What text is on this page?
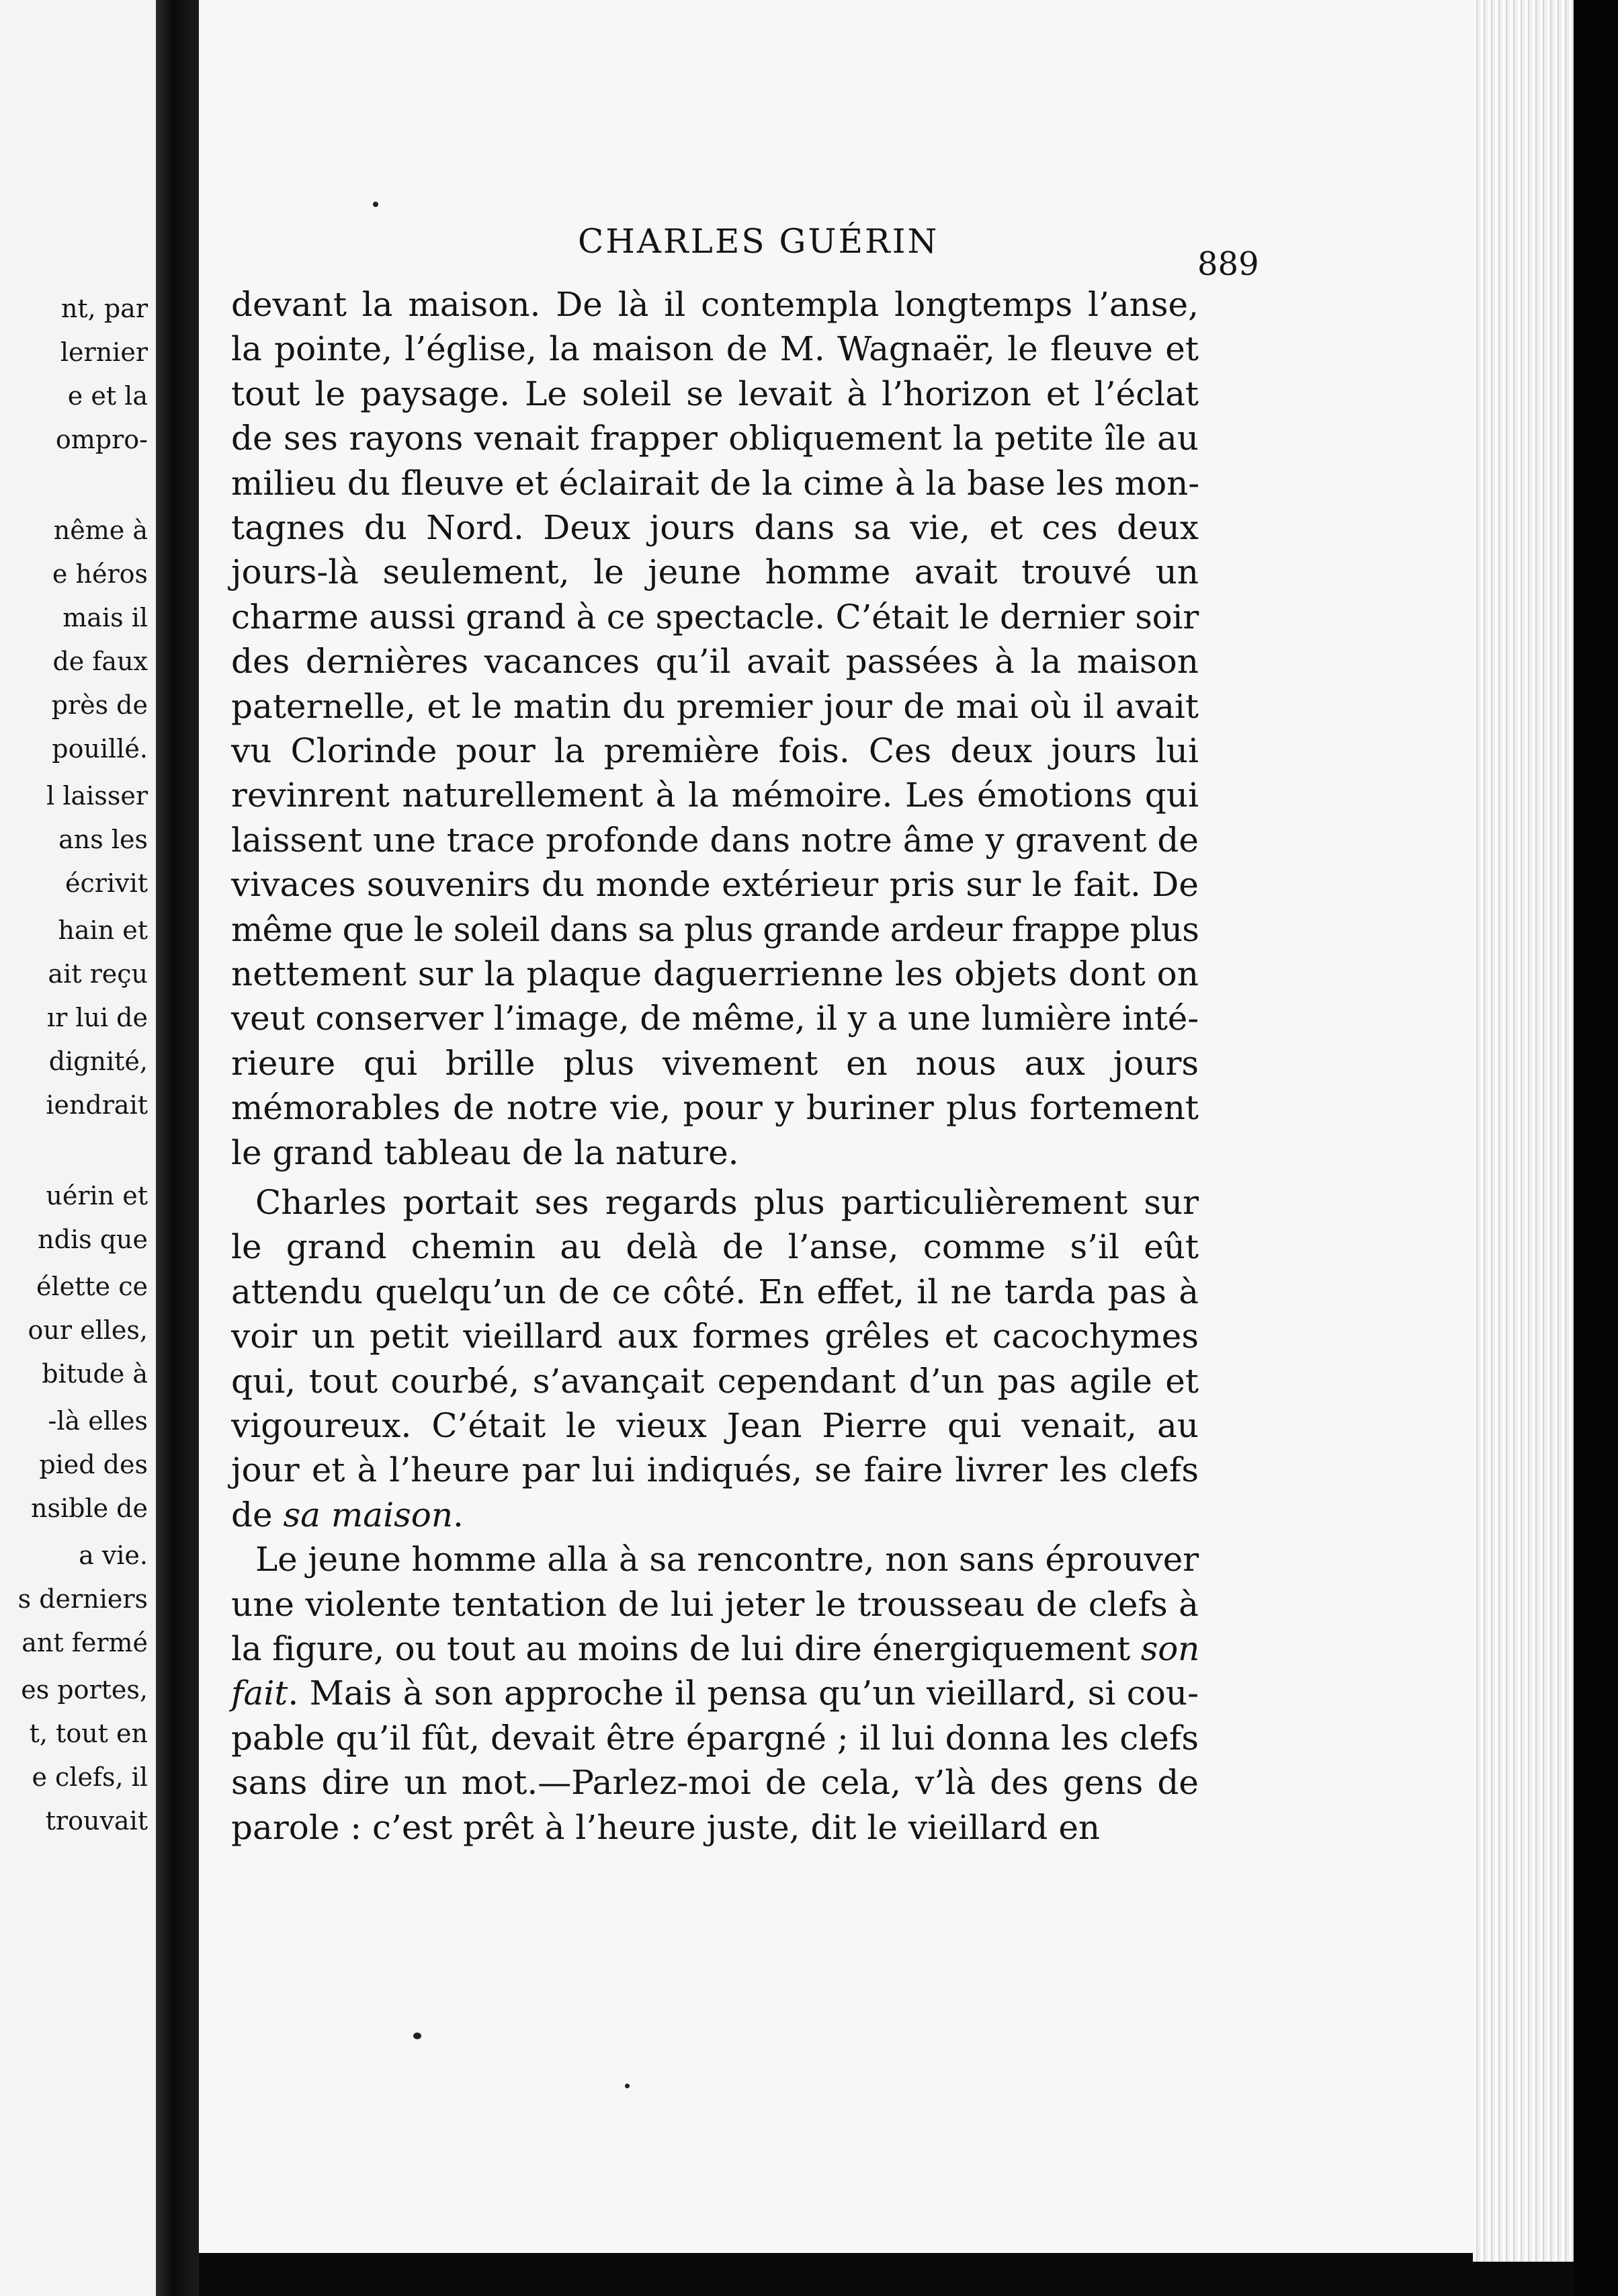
nt, par
lernier
e et la
ompro-
nême à
e héros
mais il
de faux
près de
pouillé.
l laisser
ans les
écrivit
hain et
ait reçu
ır lui de
dignité,
iendrait
uérin et
ndis que
élette ce
our elles,
bitude à
-là elles
pied des
nsible de
a vie.
s derniers
ant fermé
es portes,
t, tout en
e clefs, il
trouvait
CHARLES GUÉRIN
889
devant la maison. De là il contempla longtemps l’anse,
la pointe, l’église, la maison de M. Wagnaër, le fleuve et
tout le paysage. Le soleil se levait à l’horizon et l’éclat
de ses rayons venait frapper obliquement la petite île au
milieu du fleuve et éclairait de la cime à la base les mon-
tagnes du Nord. Deux jours dans sa vie, et ces deux
jours-là seulement, le jeune homme avait trouvé un
charme aussi grand à ce spectacle. C’était le dernier soir
des dernières vacances qu’il avait passées à la maison
paternelle, et le matin du premier jour de mai où il avait
vu Clorinde pour la première fois. Ces deux jours lui
revinrent naturellement à la mémoire. Les émotions qui
laissent une trace profonde dans notre âme y gravent de
vivaces souvenirs du monde extérieur pris sur le fait. De
même que le soleil dans sa plus grande ardeur frappe plus
nettement sur la plaque daguerrienne les objets dont on
veut conserver l’image, de même, il y a une lumière inté-
rieure qui brille plus vivement en nous aux jours
mémorables de notre vie, pour y buriner plus fortement
le grand tableau de la nature.
Charles portait ses regards plus particulièrement sur
le grand chemin au delà de l’anse, comme s’il eût
attendu quelqu’un de ce côté. En effet, il ne tarda pas à
voir un petit vieillard aux formes grêles et cacochymes
qui, tout courbé, s’avançait cependant d’un pas agile et
vigoureux. C’était le vieux Jean Pierre qui venait, au
jour et à l’heure par lui indiqués, se faire livrer les clefs
de sa maison.
Le jeune homme alla à sa rencontre, non sans éprouver
une violente tentation de lui jeter le trousseau de clefs à
la figure, ou tout au moins de lui dire énergiquement son
fait. Mais à son approche il pensa qu’un vieillard, si cou-
pable qu’il fût, devait être épargné ; il lui donna les clefs
sans dire un mot.—Parlez-moi de cela, v’là des gens de
parole : c’est prêt à l’heure juste, dit le vieillard en
